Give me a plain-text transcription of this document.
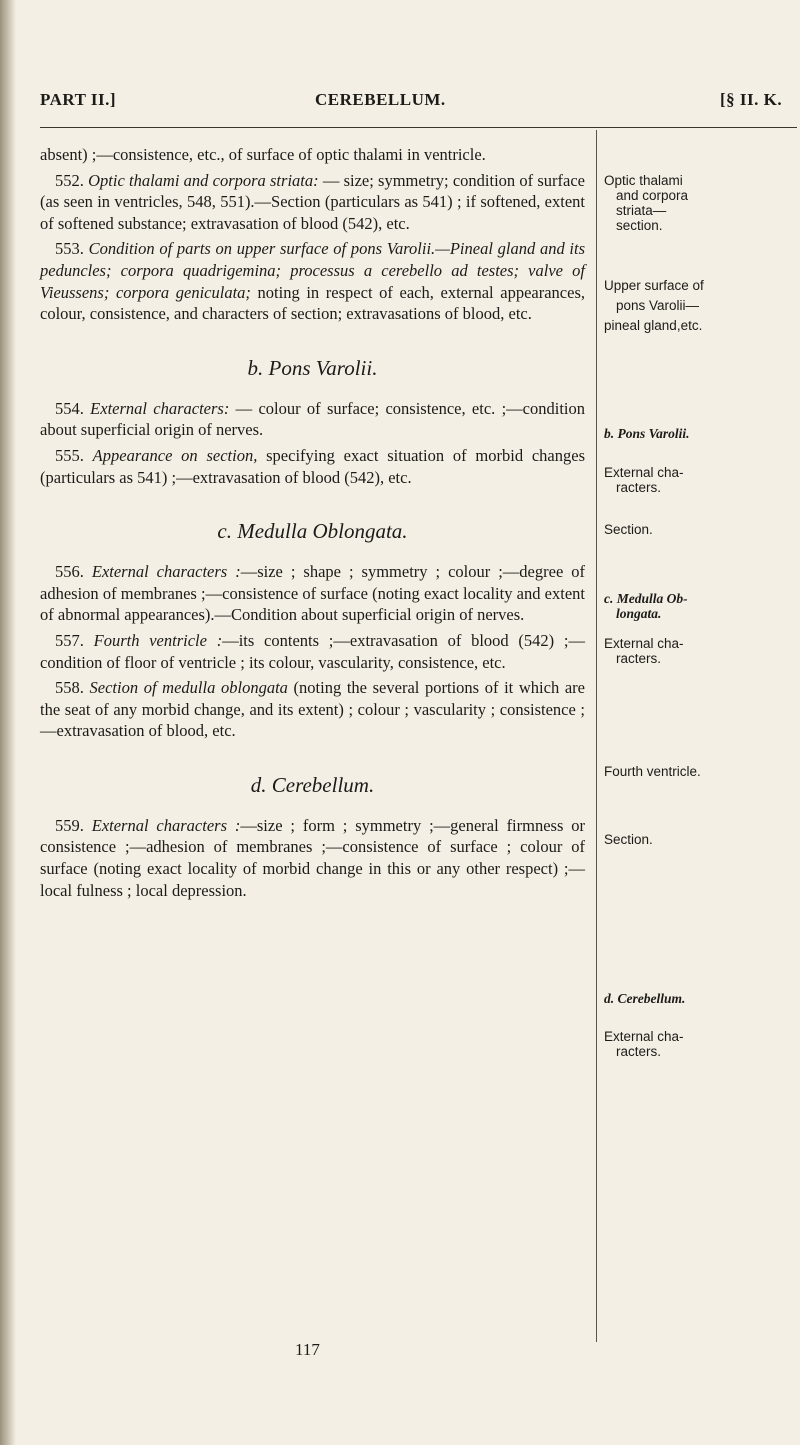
PART II.]	CEREBELLUM.	[§ II. K.

absent) ;—consistence, etc., of surface of optic thalami in ventricle.

552. Optic thalami and corpora striata: — size; symmetry; condition of surface (as seen in ventricles, 548, 551).—Section (particulars as 541) ; if softened, extent of softened substance; extravasation of blood (542), etc.

553. Condition of parts on upper surface of pons Varolii.—Pineal gland and its peduncles; corpora quadrigemina; processus a cerebello ad testes; valve of Vieussens; corpora geniculata; noting in respect of each, external appearances, colour, consistence, and characters of section; extravasations of blood, etc.

b. Pons Varolii.

554. External characters: — colour of surface; consistence, etc. ;—condition about superficial origin of nerves.

555. Appearance on section, specifying exact situation of morbid changes (particulars as 541) ;—extravasation of blood (542), etc.

c. Medulla Oblongata.

556. External characters :—size ; shape ; symmetry ; colour ;—degree of adhesion of membranes ;—consistence of surface (noting exact locality and extent of abnormal appearances).—Condition about superficial origin of nerves.

557. Fourth ventricle :—its contents ;—extravasation of blood (542) ;—condition of floor of ventricle ; its colour, vascularity, consistence, etc.

558. Section of medulla oblongata (noting the several portions of it which are the seat of any morbid change, and its extent) ; colour ; vascularity ; consistence ;—extravasation of blood, etc.

d. Cerebellum.

559. External characters :—size ; form ; symmetry ;—general firmness or consistence ;—adhesion of membranes ;—consistence of surface ; colour of surface (noting exact locality of morbid change in this or any other respect) ;—local fulness ; local depression.

Optic thalami
and corpora
striata—
section.
Upper surface of
pons Varolii—
pineal gland,etc.
b. Pons Varolii.
External cha-
racters.
Section.
c. Medulla Ob-
longata.
External cha-
racters.
Fourth ventricle.
Section.
d. Cerebellum.
External cha-
racters.
117
